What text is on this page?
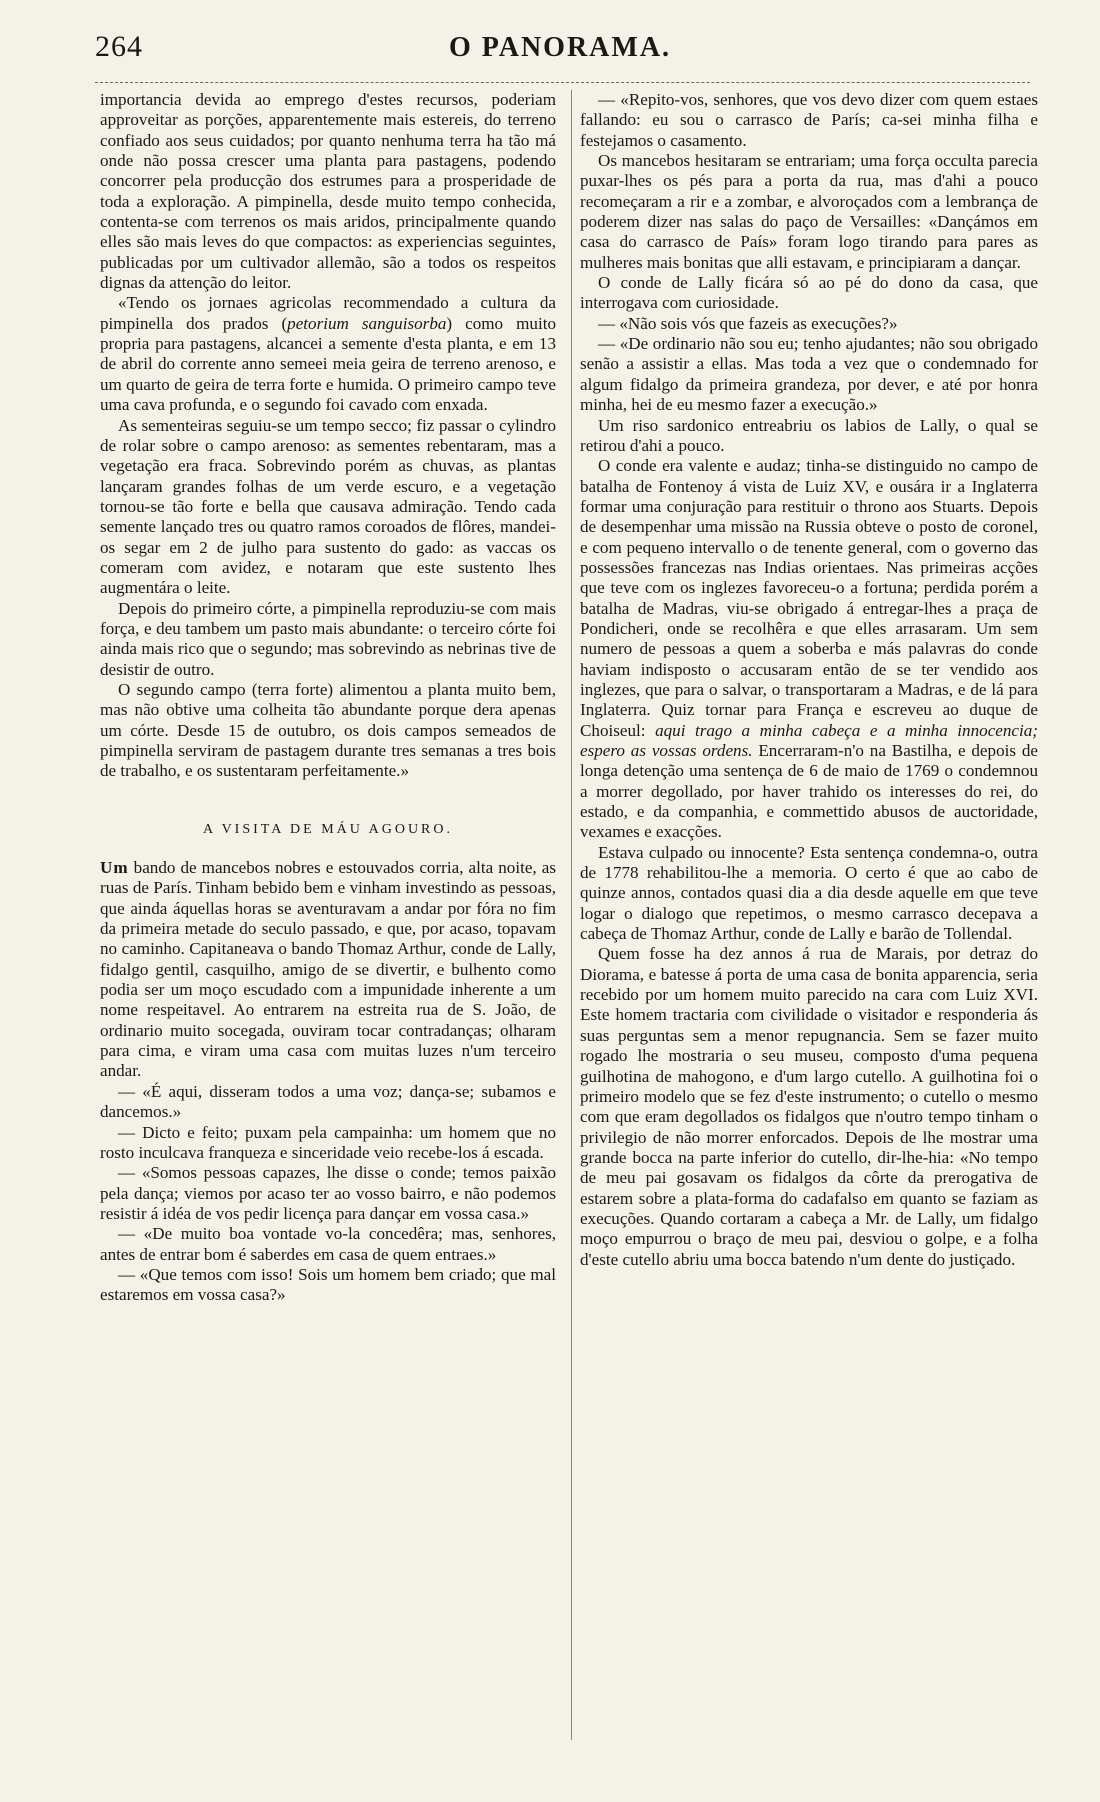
264	O PANORAMA.

importancia devida ao emprego d'estes recursos, poderiam approveitar as porções, apparentemente mais estereis, do terreno confiado aos seus cuidados; por quanto nenhuma terra ha tão má onde não possa crescer uma planta para pastagens, podendo concorrer pela producção dos estrumes para a prosperidade de toda a exploração. A pimpinella, desde muito tempo conhecida, contenta-se com terrenos os mais aridos, principalmente quando elles são mais leves do que compactos: as experiencias seguintes, publicadas por um cultivador allemão, são a todos os respeitos dignas da attenção do leitor.

«Tendo os jornaes agricolas recommendado a cultura da pimpinella dos prados (petorium sanguisorba) como muito propria para pastagens, alcancei a semente d'esta planta, e em 13 de abril do corrente anno semeei meia geira de terreno arenoso, e um quarto de geira de terra forte e humida. O primeiro campo teve uma cava profunda, e o segundo foi cavado com enxada.

As sementeiras seguiu-se um tempo secco; fiz passar o cylindro de rolar sobre o campo arenoso: as sementes rebentaram, mas a vegetação era fraca. Sobrevindo porém as chuvas, as plantas lançaram grandes folhas de um verde escuro, e a vegetação tornou-se tão forte e bella que causava admiração. Tendo cada semente lançado tres ou quatro ramos coroados de flôres, mandei-os segar em 2 de julho para sustento do gado: as vaccas os comeram com avidez, e notaram que este sustento lhes augmentára o leite.

Depois do primeiro córte, a pimpinella reproduziu-se com mais força, e deu tambem um pasto mais abundante: o terceiro córte foi ainda mais rico que o segundo; mas sobrevindo as nebrinas tive de desistir de outro.

O segundo campo (terra forte) alimentou a planta muito bem, mas não obtive uma colheita tão abundante porque dera apenas um córte. Desde 15 de outubro, os dois campos semeados de pimpinella serviram de pastagem durante tres semanas a tres bois de trabalho, e os sustentaram perfeitamente.»

A VISITA DE MÁU AGOURO.

Um bando de mancebos nobres e estouvados corria, alta noite, as ruas de París. Tinham bebido bem e vinham investindo as pessoas, que ainda áquellas horas se aventuravam a andar por fóra no fim da primeira metade do seculo passado, e que, por acaso, topavam no caminho. Capitaneava o bando Thomaz Arthur, conde de Lally, fidalgo gentil, casquilho, amigo de se divertir, e bulhento como podia ser um moço escudado com a impunidade inherente a um nome respeitavel. Ao entrarem na estreita rua de S. João, de ordinario muito socegada, ouviram tocar contradanças; olharam para cima, e viram uma casa com muitas luzes n'um terceiro andar.

— «É aqui, disseram todos a uma voz; dança-se; subamos e dancemos.»

— Dicto e feito; puxam pela campainha: um homem que no rosto inculcava franqueza e sinceridade veio recebe-los á escada.

— «Somos pessoas capazes, lhe disse o conde; temos paixão pela dança; viemos por acaso ter ao vosso bairro, e não podemos resistir á idéa de vos pedir licença para dançar em vossa casa.»

— «De muito boa vontade vo-la concedêra; mas, senhores, antes de entrar bom é saberdes em casa de quem entraes.»

— «Que temos com isso! Sois um homem bem criado; que mal estaremos em vossa casa?»

— «Repito-vos, senhores, que vos devo dizer com quem estaes fallando: eu sou o carrasco de París; ca-sei minha filha e festejamos o casamento.

Os mancebos hesitaram se entrariam; uma força occulta parecia puxar-lhes os pés para a porta da rua, mas d'ahi a pouco recomeçaram a rir e a zombar, e alvoroçados com a lembrança de poderem dizer nas salas do paço de Versailles: «Dançámos em casa do carrasco de País» foram logo tirando para pares as mulheres mais bonitas que alli estavam, e principiaram a dançar.

O conde de Lally ficára só ao pé do dono da casa, que interrogava com curiosidade.

— «Não sois vós que fazeis as execuções?»

— «De ordinario não sou eu; tenho ajudantes; não sou obrigado senão a assistir a ellas. Mas toda a vez que o condemnado for algum fidalgo da primeira grandeza, por dever, e até por honra minha, hei de eu mesmo fazer a execução.»

Um riso sardonico entreabriu os labios de Lally, o qual se retirou d'ahi a pouco.

O conde era valente e audaz; tinha-se distinguido no campo de batalha de Fontenoy á vista de Luiz XV, e ousára ir a Inglaterra formar uma conjuração para restituir o throno aos Stuarts. Depois de desempenhar uma missão na Russia obteve o posto de coronel, e com pequeno intervallo o de tenente general, com o governo das possessões francezas nas Indias orientaes. Nas primeiras acções que teve com os inglezes favoreceu-o a fortuna; perdida porém a batalha de Madras, viu-se obrigado á entregar-lhes a praça de Pondicheri, onde se recolhêra e que elles arrasaram. Um sem numero de pessoas a quem a soberba e más palavras do conde haviam indisposto o accusaram então de se ter vendido aos inglezes, que para o salvar, o transportaram a Madras, e de lá para Inglaterra. Quiz tornar para França e escreveu ao duque de Choiseul: aqui trago a minha cabeça e a minha innocencia; espero as vossas ordens. Encerraram-n'o na Bastilha, e depois de longa detenção uma sentença de 6 de maio de 1769 o condemnou a morrer degollado, por haver trahido os interesses do rei, do estado, e da companhia, e commettido abusos de auctoridade, vexames e exacções.

Estava culpado ou innocente? Esta sentença condemna-o, outra de 1778 rehabilitou-lhe a memoria. O certo é que ao cabo de quinze annos, contados quasi dia a dia desde aquelle em que teve logar o dialogo que repetimos, o mesmo carrasco decepava a cabeça de Thomaz Arthur, conde de Lally e barão de Tollendal.

Quem fosse ha dez annos á rua de Marais, por detraz do Diorama, e batesse á porta de uma casa de bonita apparencia, seria recebido por um homem muito parecido na cara com Luiz XVI. Este homem tractaria com civilidade o visitador e responderia ás suas perguntas sem a menor repugnancia. Sem se fazer muito rogado lhe mostraria o seu museu, composto d'uma pequena guilhotina de mahogono, e d'um largo cutello. A guilhotina foi o primeiro modelo que se fez d'este instrumento; o cutello o mesmo com que eram degollados os fidalgos que n'outro tempo tinham o privilegio de não morrer enforcados. Depois de lhe mostrar uma grande bocca na parte inferior do cutello, dir-lhe-hia: «No tempo de meu pai gosavam os fidalgos da côrte da prerogativa de estarem sobre a plata-forma do cadafalso em quanto se faziam as execuções. Quando cortaram a cabeça a Mr. de Lally, um fidalgo moço empurrou o braço de meu pai, desviou o golpe, e a folha d'este cutello abriu uma bocca batendo n'um dente do justiçado.
